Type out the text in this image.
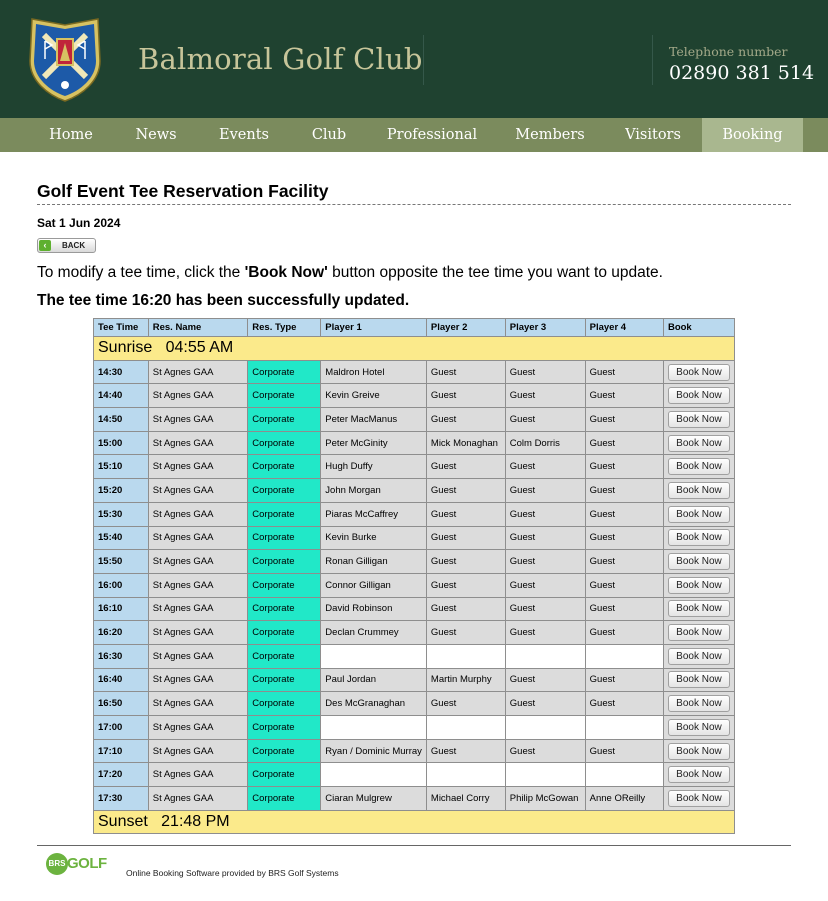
Balmoral Golf Club	Telephone number
02890 381 514
Home	News	Events	Club	Professional	Members	Visitors	Booking
Golf Event Tee Reservation Facility
Sat 1 Jun 2024
‹	BACK
To modify a tee time, click the 'Book Now' button opposite the tee time you want to update.
The tee time 16:20 has been successfully updated.
Tee Time	Res. Name	Res. Type	Player 1	Player 2	Player 3	Player 4	Book
Sunrise   04:55 AM							
14:30	St Agnes GAA	Corporate	Maldron Hotel	Guest	Guest	Guest	Book Now

14:40	St Agnes GAA	Corporate	Kevin Greive	Guest	Guest	Guest	Book Now

14:50	St Agnes GAA	Corporate	Peter MacManus	Guest	Guest	Guest	Book Now

15:00	St Agnes GAA	Corporate	Peter McGinity	Mick Monaghan	Colm Dorris	Guest	Book Now

15:10	St Agnes GAA	Corporate	Hugh Duffy	Guest	Guest	Guest	Book Now

15:20	St Agnes GAA	Corporate	John Morgan	Guest	Guest	Guest	Book Now

15:30	St Agnes GAA	Corporate	Piaras McCaffrey	Guest	Guest	Guest	Book Now

15:40	St Agnes GAA	Corporate	Kevin Burke	Guest	Guest	Guest	Book Now

15:50	St Agnes GAA	Corporate	Ronan Gilligan	Guest	Guest	Guest	Book Now

16:00	St Agnes GAA	Corporate	Connor Gilligan	Guest	Guest	Guest	Book Now

16:10	St Agnes GAA	Corporate	David Robinson	Guest	Guest	Guest	Book Now

16:20	St Agnes GAA	Corporate	Declan Crummey	Guest	Guest	Guest	Book Now

16:30	St Agnes GAA	Corporate					Book Now

16:40	St Agnes GAA	Corporate	Paul Jordan	Martin Murphy	Guest	Guest	Book Now

16:50	St Agnes GAA	Corporate	Des McGranaghan	Guest	Guest	Guest	Book Now

17:00	St Agnes GAA	Corporate					Book Now

17:10	St Agnes GAA	Corporate	Ryan / Dominic Murray	Guest	Guest	Guest	Book Now

17:20	St Agnes GAA	Corporate					Book Now

17:30	St Agnes GAA	Corporate	Ciaran Mulgrew	Michael Corry	Philip McGowan	Anne OReilly	Book Now

Sunset   21:48 PM							
BRS GOLF
Online Booking Software provided by BRS Golf Systems
